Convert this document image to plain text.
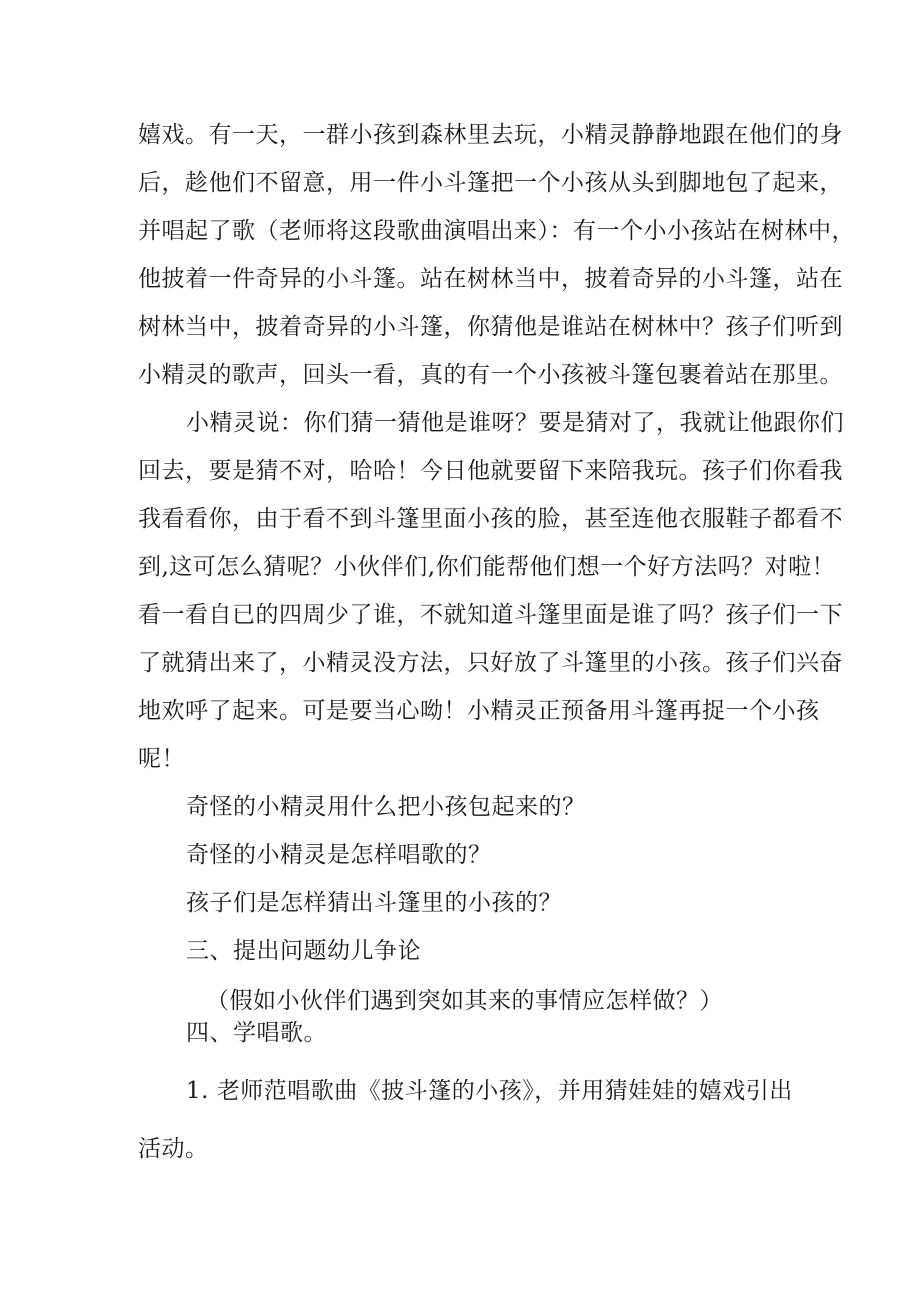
嬉戏。有一天，一群小孩到森林里去玩，小精灵静静地跟在他们的身
后，趁他们不留意，用一件小斗篷把一个小孩从头到脚地包了起来，
并唱起了歌（老师将这段歌曲演唱出来）：有一个小小孩站在树林中，
他披着一件奇异的小斗篷。站在树林当中，披着奇异的小斗篷，站在
树林当中，披着奇异的小斗篷，你猜他是谁站在树林中？孩子们听到
小精灵的歌声，回头一看，真的有一个小孩被斗篷包裹着站在那里。
小精灵说：你们猜一猜他是谁呀？要是猜对了，我就让他跟你们
回去，要是猜不对，哈哈！今日他就要留下来陪我玩。孩子们你看我
我看看你，由于看不到斗篷里面小孩的脸，甚至连他衣服鞋子都看不
到,这可怎么猜呢？小伙伴们,你们能帮他们想一个好方法吗？对啦！
看一看自已的四周少了谁，不就知道斗篷里面是谁了吗？孩子们一下
了就猜出来了，小精灵没方法，只好放了斗篷里的小孩。孩子们兴奋
地欢呼了起来。可是要当心呦！小精灵正预备用斗篷再捉一个小孩
呢！
奇怪的小精灵用什么把小孩包起来的？
奇怪的小精灵是怎样唱歌的？
孩子们是怎样猜出斗篷里的小孩的？
三、提出问题幼儿争论
（假如小伙伴们遇到突如其来的事情应怎样做？）
四、学唱歌。
1. 老师范唱歌曲《披斗篷的小孩》，并用猜娃娃的嬉戏引出
活动。
